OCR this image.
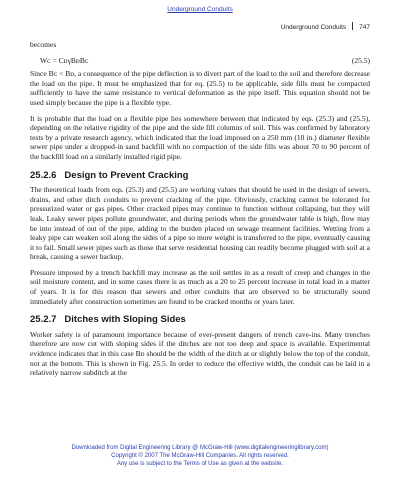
Underground Conduits
Underground Conduits 747

becomes

Wᴄ = CᴅγBᴅBᴄ	(25.5)

Since Bᴄ < Bᴅ, a consequence of the pipe deflection is to divert part of the load to the soil and therefore decrease the load on the pipe. It must be emphasized that for eq. (25.5) to be applicable, side fills must be compacted sufficiently to have the same resistance to vertical deformation as the pipe itself. This equation should not be used simply because the pipe is a flexible type.

It is probable that the load on a flexible pipe lies somewhere between that indicated by eqs. (25.3) and (25.5), depending on the relative rigidity of the pipe and the side fill columns of soil. This was confirmed by laboratory tests by a private research agency, which indicated that the load imposed on a 250 mm (10 in.) diameter flexible sewer pipe under a dropped-in sand backfill with no compaction of the side fills was about 70 to 90 percent of the backfill load on a similarly installed rigid pipe.

25.2.6 Design to Prevent Cracking

The theoretical loads from eqs. (25.3) and (25.5) are working values that should be used in the design of sewers, drains, and other ditch conduits to prevent cracking of the pipe. Obviously, cracking cannot be tolerated for pressurized water or gas pipes. Other cracked pipes may continue to function without collapsing, but they will leak. Leaky sewer pipes pollute groundwater, and during periods when the groundwater table is high, flow may be into instead of out of the pipe, adding to the burden placed on sewage treatment facilities. Wetting from a leaky pipe can weaken soil along the sides of a pipe so more weight is transferred to the pipe, eventually causing it to fail. Small sewer pipes such as those that serve residential housing can readily become plugged with soil at a break, causing a sewer backup.

Pressure imposed by a trench backfill may increase as the soil settles in as a result of creep and changes in the soil moisture content, and in some cases there is as much as a 20 to 25 percent increase in total load in a matter of years. It is for this reason that sewers and other conduits that are observed to be structurally sound immediately after construction sometimes are found to be cracked months or years later.

25.2.7 Ditches with Sloping Sides

Worker safety is of paramount importance because of ever-present dangers of trench cave-ins. Many trenches therefore are now cut with sloping sides if the ditches are not too deep and space is available. Experimental evidence indicates that in this case Bᴅ should be the width of the ditch at or slightly below the top of the conduit, not at the bottom. This is shown in Fig. 25.5. In order to reduce the effective width, the conduit can be laid in a relatively narrow subditch at the

Downloaded from Digital Engineering Library @ McGraw-Hill (www.digitalengineeringlibrary.com)
Copyright © 2007 The McGraw-Hill Companies. All rights reserved.
Any use is subject to the Terms of Use as given at the website.
